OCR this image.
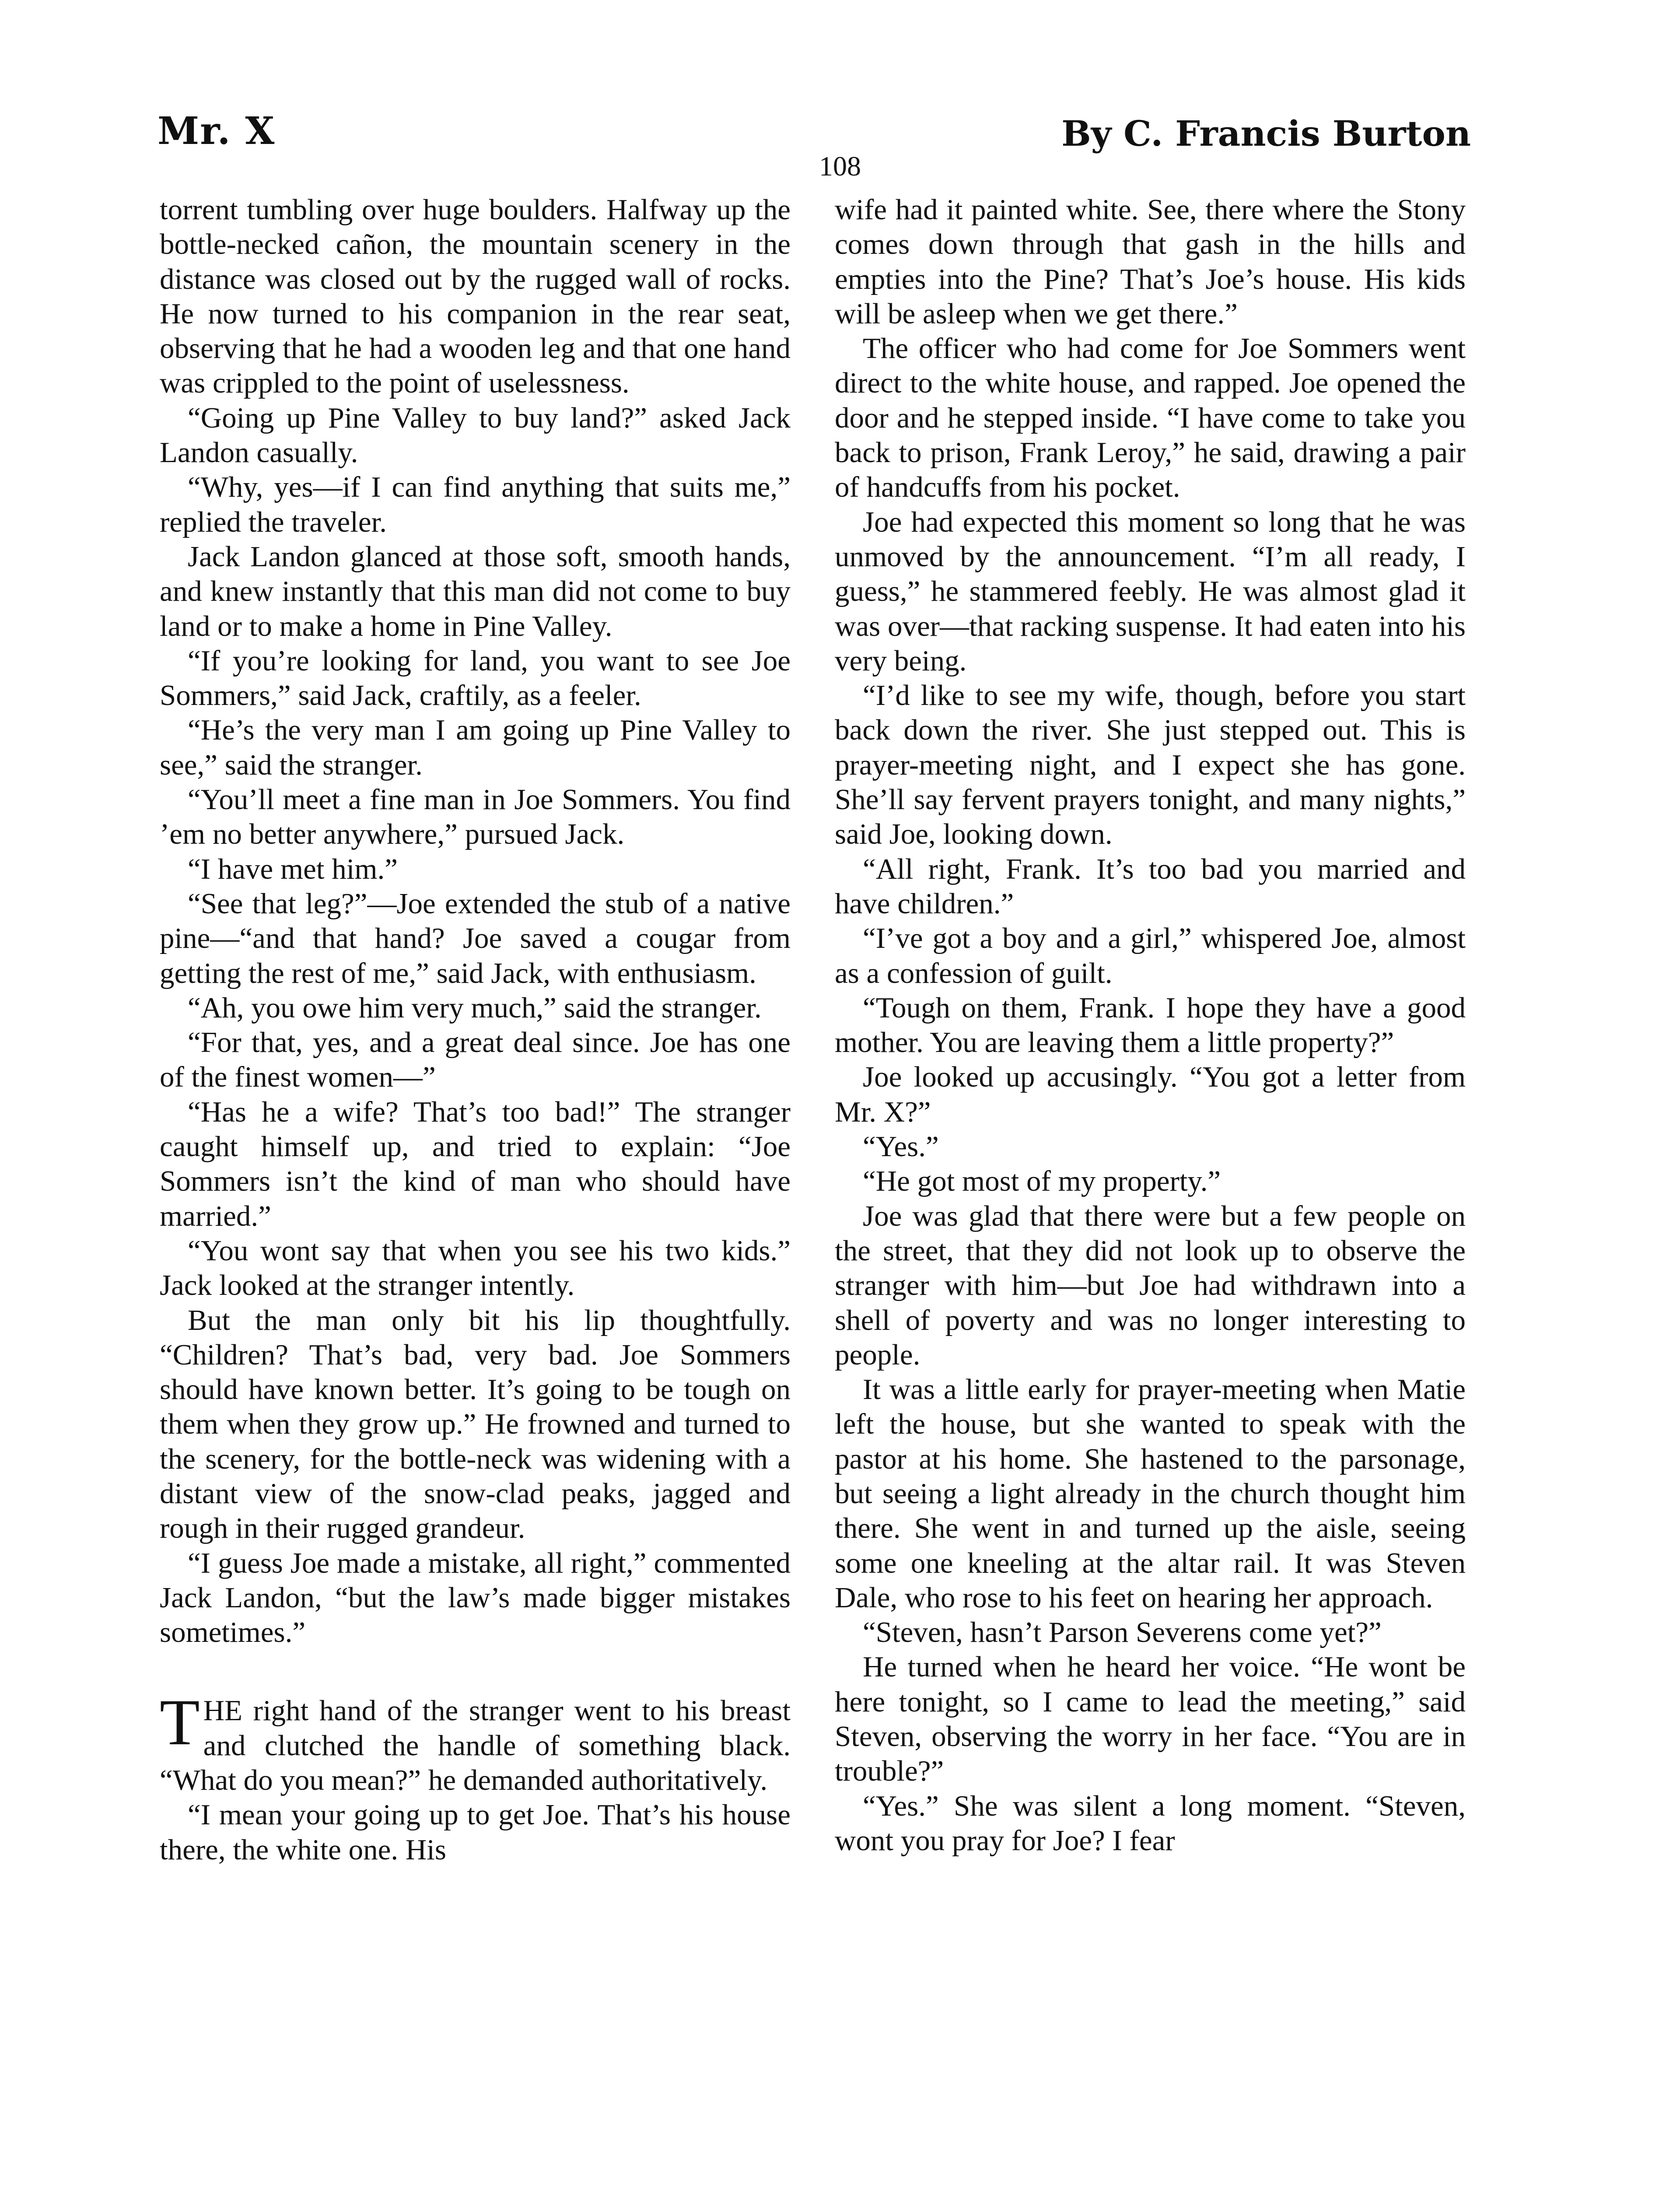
Mr. X	By C. Francis Burton
108

torrent tumbling over huge boulders. Halfway up the bottle-necked cañon, the mountain scenery in the distance was closed out by the rugged wall of rocks. He now turned to his companion in the rear seat, observing that he had a wooden leg and that one hand was crippled to the point of uselessness.

“Going up Pine Valley to buy land?” asked Jack Landon casually.

“Why, yes—if I can find anything that suits me,” replied the traveler.

Jack Landon glanced at those soft, smooth hands, and knew instantly that this man did not come to buy land or to make a home in Pine Valley.

“If you’re looking for land, you want to see Joe Sommers,” said Jack, craftily, as a feeler.

“He’s the very man I am going up Pine Valley to see,” said the stranger.

“You’ll meet a fine man in Joe Sommers. You find ’em no better anywhere,” pursued Jack.

“I have met him.”

“See that leg?”—Joe extended the stub of a native pine—“and that hand? Joe saved a cougar from getting the rest of me,” said Jack, with enthusiasm.

“Ah, you owe him very much,” said the stranger.

“For that, yes, and a great deal since. Joe has one of the finest women—”

“Has he a wife? That’s too bad!” The stranger caught himself up, and tried to explain: “Joe Sommers isn’t the kind of man who should have married.”

“You wont say that when you see his two kids.” Jack looked at the stranger intently.

But the man only bit his lip thoughtfully. “Children? That’s bad, very bad. Joe Sommers should have known better. It’s going to be tough on them when they grow up.” He frowned and turned to the scenery, for the bottle-neck was widening with a distant view of the snow-clad peaks, jagged and rough in their rugged grandeur.

“I guess Joe made a mistake, all right,” commented Jack Landon, “but the law’s made bigger mistakes sometimes.”

THE right hand of the stranger went to his breast and clutched the handle of something black. “What do you mean?” he demanded authoritatively.

“I mean your going up to get Joe. That’s his house there, the white one. His

wife had it painted white. See, there where the Stony comes down through that gash in the hills and empties into the Pine? That’s Joe’s house. His kids will be asleep when we get there.”

The officer who had come for Joe Sommers went direct to the white house, and rapped. Joe opened the door and he stepped inside. “I have come to take you back to prison, Frank Leroy,” he said, drawing a pair of handcuffs from his pocket.

Joe had expected this moment so long that he was unmoved by the announcement. “I’m all ready, I guess,” he stammered feebly. He was almost glad it was over—that racking suspense. It had eaten into his very being.

“I’d like to see my wife, though, before you start back down the river. She just stepped out. This is prayer-meeting night, and I expect she has gone. She’ll say fervent prayers tonight, and many nights,” said Joe, looking down.

“All right, Frank. It’s too bad you married and have children.”

“I’ve got a boy and a girl,” whispered Joe, almost as a confession of guilt.

“Tough on them, Frank. I hope they have a good mother. You are leaving them a little property?”

Joe looked up accusingly. “You got a letter from Mr. X?”

“Yes.”

“He got most of my property.”

Joe was glad that there were but a few people on the street, that they did not look up to observe the stranger with him—but Joe had withdrawn into a shell of poverty and was no longer interesting to people.

It was a little early for prayer-meeting when Matie left the house, but she wanted to speak with the pastor at his home. She hastened to the parsonage, but seeing a light already in the church thought him there. She went in and turned up the aisle, seeing some one kneeling at the altar rail. It was Steven Dale, who rose to his feet on hearing her approach.

“Steven, hasn’t Parson Severens come yet?”

He turned when he heard her voice. “He wont be here tonight, so I came to lead the meeting,” said Steven, observing the worry in her face. “You are in trouble?”

“Yes.” She was silent a long moment. “Steven, wont you pray for Joe? I fear
